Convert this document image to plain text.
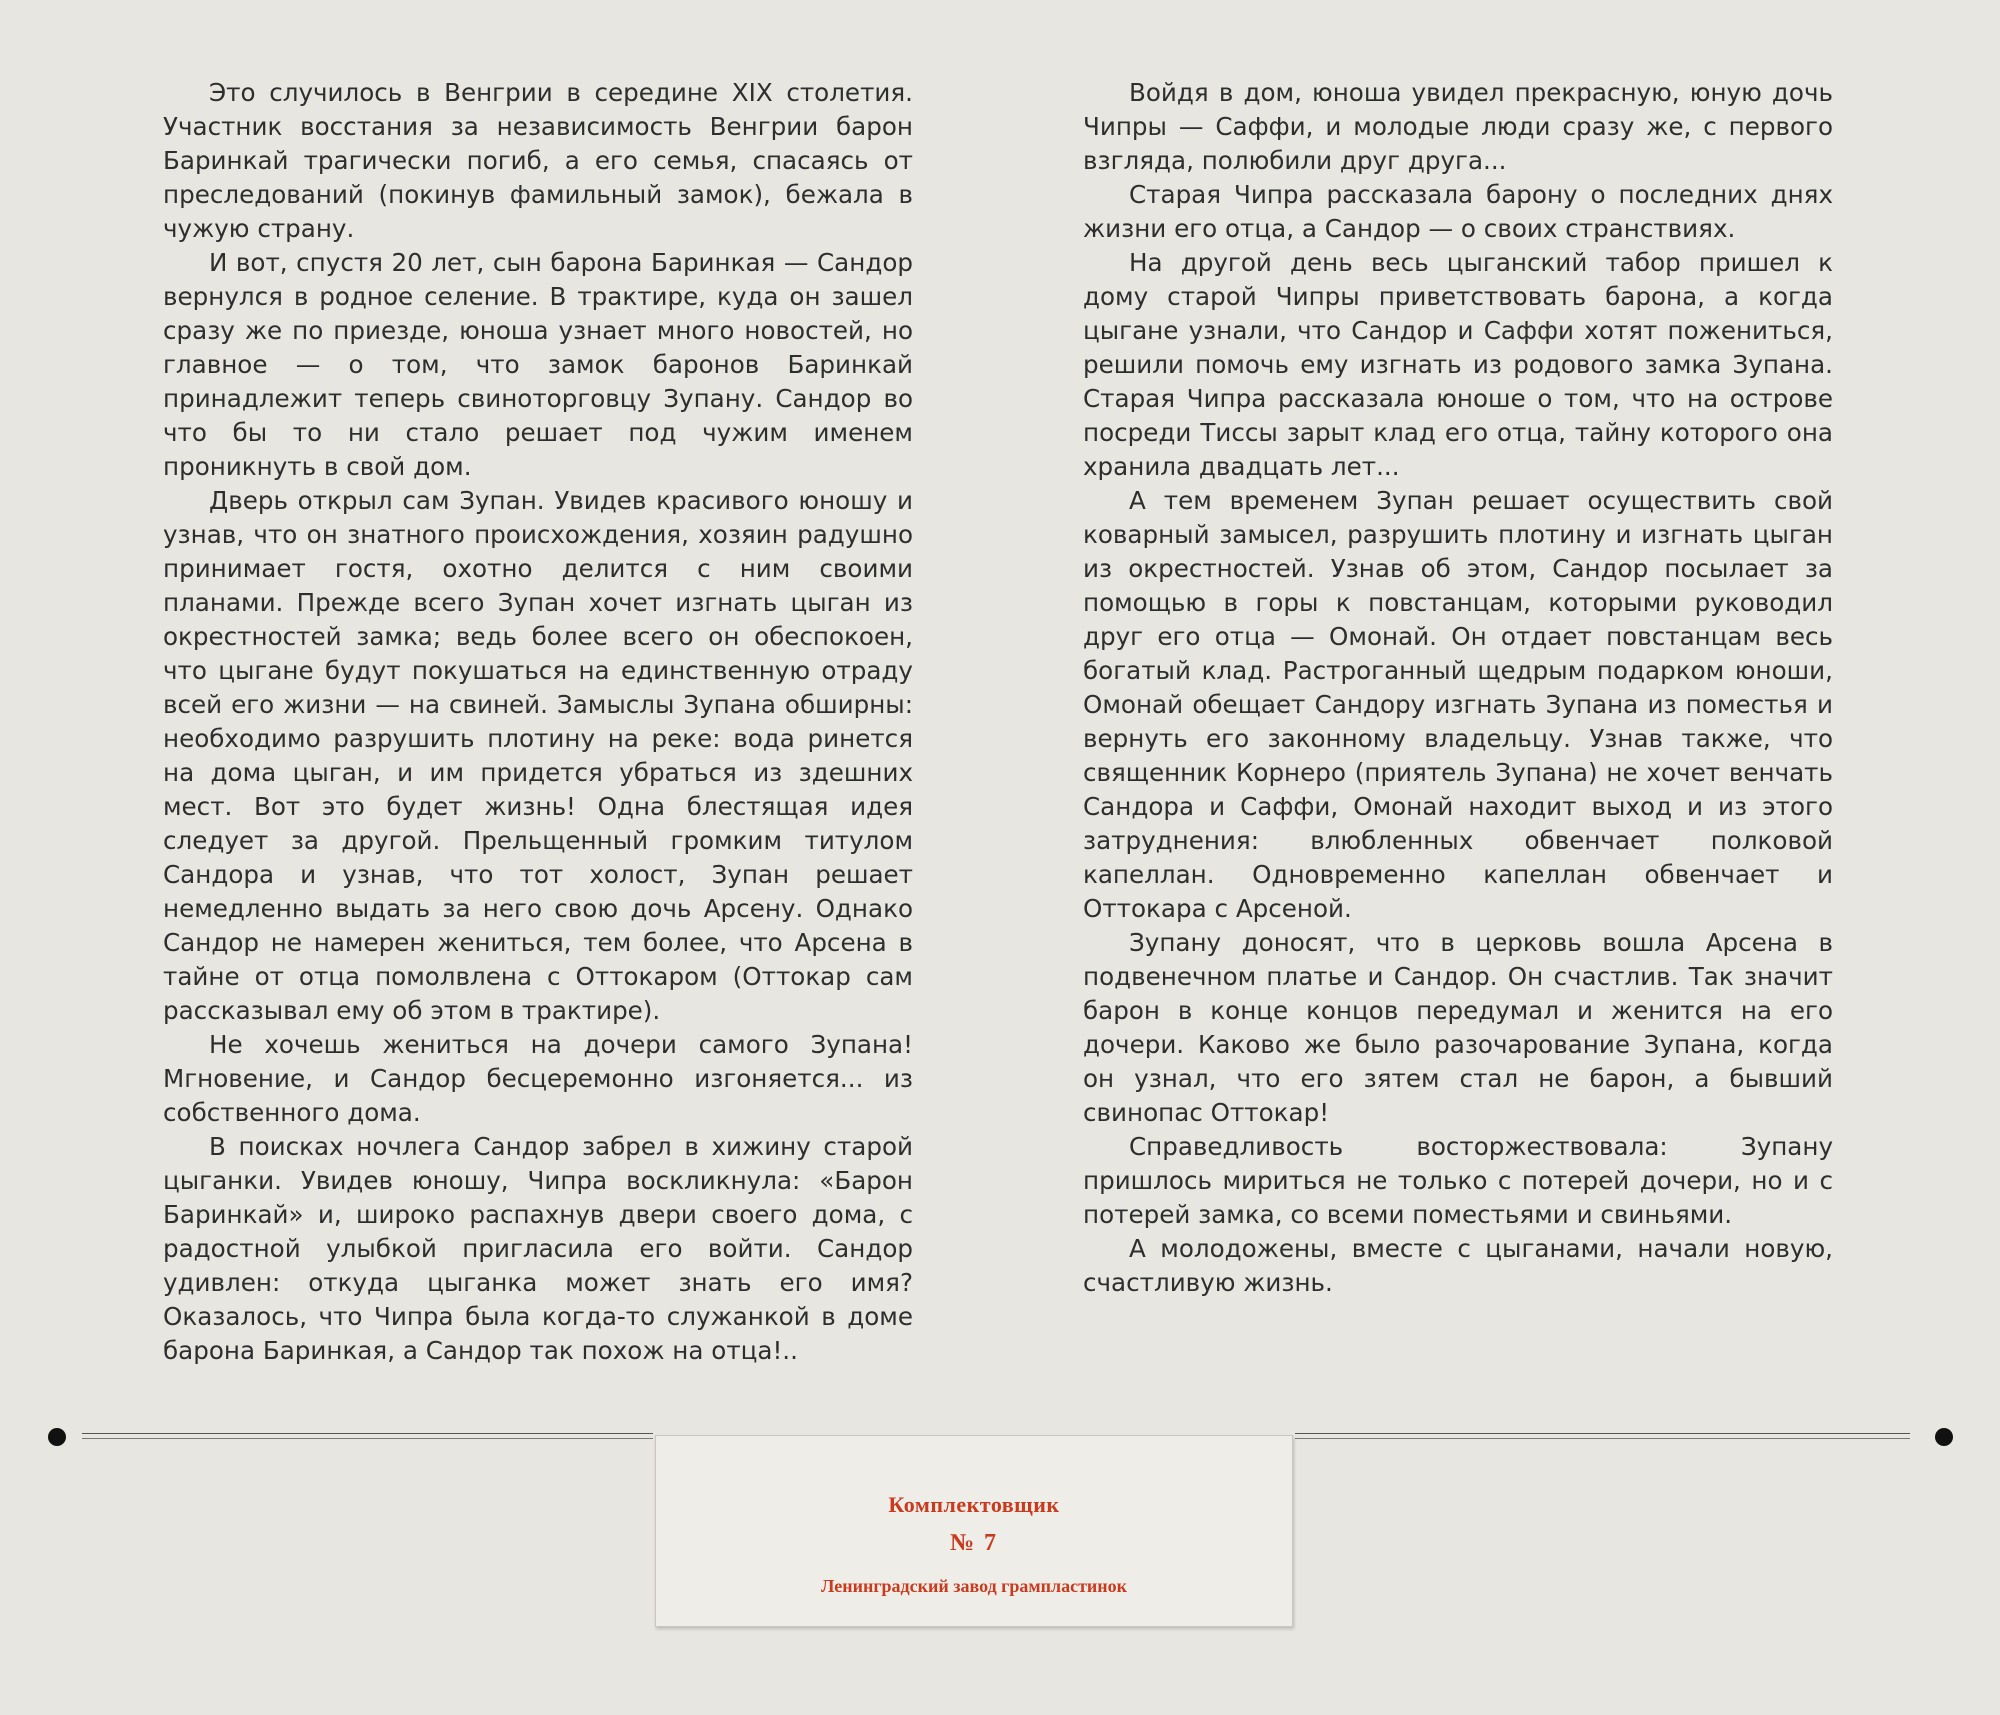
Это случилось в Венгрии в середине XIX столетия. Участник восстания за независимость Венгрии барон Баринкай трагически погиб, а его семья, спасаясь от преследований (покинув фамильный замок), бежала в чужую страну.

И вот, спустя 20 лет, сын барона Баринкая — Сандор вернулся в родное селение. В трактире, куда он зашел сразу же по приезде, юноша узнает много новостей, но главное — о том, что замок баронов Баринкай принадлежит теперь свиноторговцу Зупану. Сандор во что бы то ни стало решает под чужим именем проникнуть в свой дом.

Дверь открыл сам Зупан. Увидев красивого юношу и узнав, что он знатного происхождения, хозяин радушно принимает гостя, охотно делится с ним своими планами. Прежде всего Зупан хочет изгнать цыган из окрестностей замка; ведь более всего он обеспокоен, что цыгане будут покушаться на единственную отраду всей его жизни — на свиней. Замыслы Зупана обширны: необходимо разрушить плотину на реке: вода ринется на дома цыган, и им придется убраться из здешних мест. Вот это будет жизнь! Одна блестящая идея следует за другой. Прельщенный громким титулом Сандора и узнав, что тот холост, Зупан решает немедленно выдать за него свою дочь Арсену. Однако Сандор не намерен жениться, тем более, что Арсена в тайне от отца помолвлена с Оттокаром (Оттокар сам рассказывал ему об этом в трактире).

Не хочешь жениться на дочери самого Зупана! Мгновение, и Сандор бесцеремонно изгоняется... из собственного дома.

В поисках ночлега Сандор забрел в хижину старой цыганки. Увидев юношу, Чипра воскликнула: «Барон Баринкай» и, широко распахнув двери своего дома, с радостной улыбкой пригласила его войти. Сандор удивлен: откуда цыганка может знать его имя? Оказалось, что Чипра была когда-то служанкой в доме барона Баринкая, а Сандор так похож на отца!..

Войдя в дом, юноша увидел прекрасную, юную дочь Чипры — Саффи, и молодые люди сразу же, с первого взгляда, полюбили друг друга...

Старая Чипра рассказала барону о последних днях жизни его отца, а Сандор — о своих странствиях.

На другой день весь цыганский табор пришел к дому старой Чипры приветствовать барона, а когда цыгане узнали, что Сандор и Саффи хотят пожениться, решили помочь ему изгнать из родового замка Зупана. Старая Чипра рассказала юноше о том, что на острове посреди Тиссы зарыт клад его отца, тайну которого она хранила двадцать лет...

А тем временем Зупан решает осуществить свой коварный замысел, разрушить плотину и изгнать цыган из окрестностей. Узнав об этом, Сандор посылает за помощью в горы к повстанцам, которыми руководил друг его отца — Омонай. Он отдает повстанцам весь богатый клад. Растроганный щедрым подарком юноши, Омонай обещает Сандору изгнать Зупана из поместья и вернуть его законному владельцу. Узнав также, что священник Корнеро (приятель Зупана) не хочет венчать Сандора и Саффи, Омонай находит выход и из этого затруднения: влюбленных обвенчает полковой капеллан. Одновременно капеллан обвенчает и Оттокара с Арсеной.

Зупану доносят, что в церковь вошла Арсена в подвенечном платье и Сандор. Он счастлив. Так значит барон в конце концов передумал и женится на его дочери. Каково же было разочарование Зупана, когда он узнал, что его зятем стал не барон, а бывший свинопас Оттокар!

Справедливость восторжествовала: Зупану пришлось мириться не только с потерей дочери, но и с потерей замка, со всеми поместьями и свиньями.

А молодожены, вместе с цыганами, начали новую, счастливую жизнь.

Комплектовщик
№ 7
Ленинградский завод грампластинок
